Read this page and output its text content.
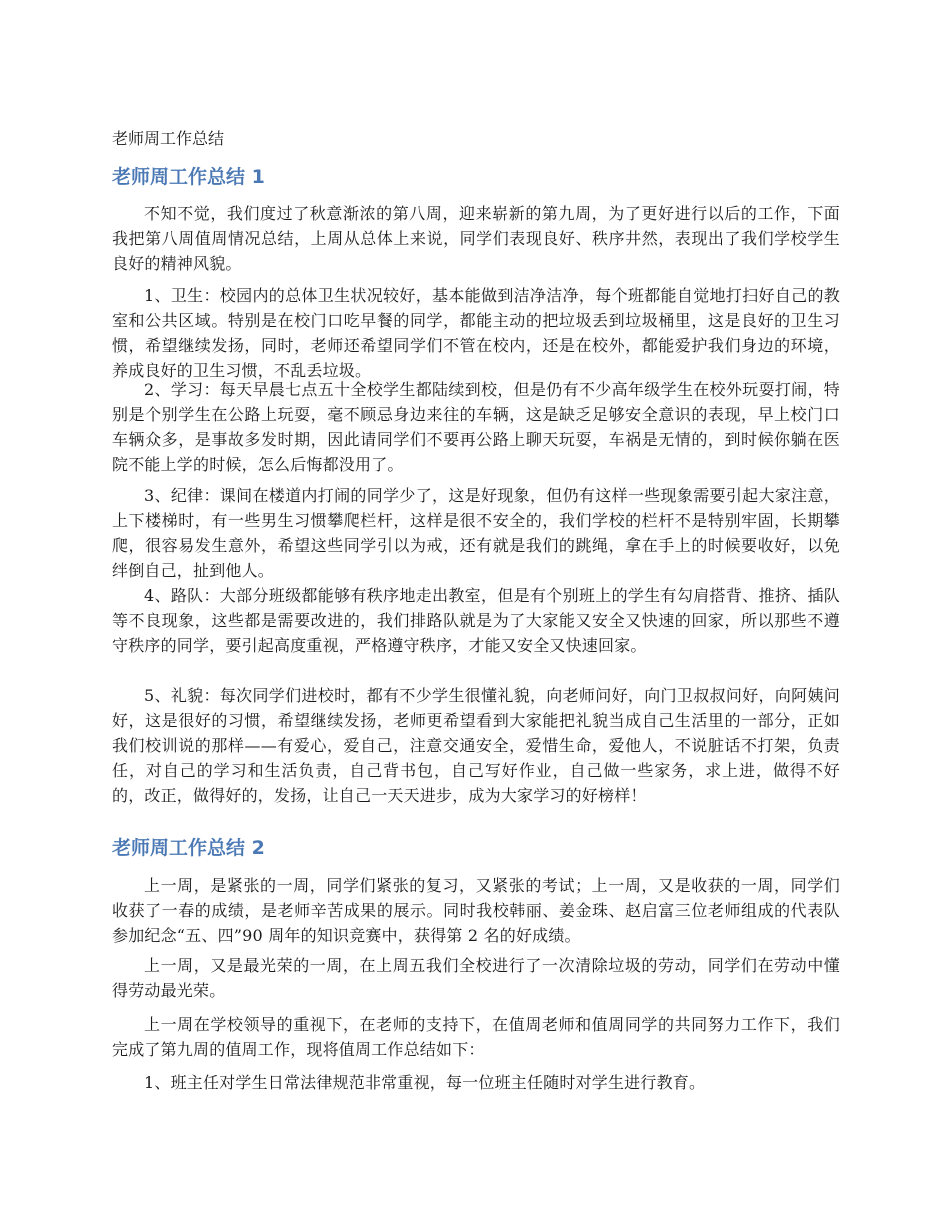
老师周工作总结
老师周工作总结 1

不知不觉，我们度过了秋意渐浓的第八周，迎来崭新的第九周，为了更好进行以后的工作，下面我把第八周值周情况总结，上周从总体上来说，同学们表现良好、秩序井然，表现出了我们学校学生良好的精神风貌。

1、卫生：校园内的总体卫生状况较好，基本能做到洁净洁净，每个班都能自觉地打扫好自己的教室和公共区域。特别是在校门口吃早餐的同学，都能主动的把垃圾丢到垃圾桶里，这是良好的卫生习惯，希望继续发扬，同时，老师还希望同学们不管在校内，还是在校外，都能爱护我们身边的环境，养成良好的卫生习惯，不乱丢垃圾。

2、学习：每天早晨七点五十全校学生都陆续到校，但是仍有不少高年级学生在校外玩耍打闹，特别是个别学生在公路上玩耍，毫不顾忌身边来往的车辆，这是缺乏足够安全意识的表现，早上校门口车辆众多，是事故多发时期，因此请同学们不要再公路上聊天玩耍，车祸是无情的，到时候你躺在医院不能上学的时候，怎么后悔都没用了。

3、纪律：课间在楼道内打闹的同学少了，这是好现象，但仍有这样一些现象需要引起大家注意，上下楼梯时，有一些男生习惯攀爬栏杆，这样是很不安全的，我们学校的栏杆不是特别牢固，长期攀爬，很容易发生意外，希望这些同学引以为戒，还有就是我们的跳绳，拿在手上的时候要收好，以免绊倒自己，扯到他人。

4、路队：大部分班级都能够有秩序地走出教室，但是有个别班上的学生有勾肩搭背、推挤、插队等不良现象，这些都是需要改进的，我们排路队就是为了大家能又安全又快速的回家，所以那些不遵守秩序的同学，要引起高度重视，严格遵守秩序，才能又安全又快速回家。

5、礼貌：每次同学们进校时，都有不少学生很懂礼貌，向老师问好，向门卫叔叔问好，向阿姨问好，这是很好的习惯，希望继续发扬，老师更希望看到大家能把礼貌当成自己生活里的一部分，正如我们校训说的那样——有爱心，爱自己，注意交通安全，爱惜生命，爱他人，不说脏话不打架，负责任，对自己的学习和生活负责，自己背书包，自己写好作业，自己做一些家务，求上进，做得不好的，改正，做得好的，发扬，让自己一天天进步，成为大家学习的好榜样！

老师周工作总结 2

上一周，是紧张的一周，同学们紧张的复习，又紧张的考试；上一周，又是收获的一周，同学们收获了一春的成绩，是老师辛苦成果的展示。同时我校韩丽、姜金珠、赵启富三位老师组成的代表队参加纪念“五、四”90 周年的知识竞赛中，获得第 2 名的好成绩。

上一周，又是最光荣的一周，在上周五我们全校进行了一次清除垃圾的劳动，同学们在劳动中懂得劳动最光荣。

上一周在学校领导的重视下，在老师的支持下，在值周老师和值周同学的共同努力工作下，我们完成了第九周的值周工作，现将值周工作总结如下：

1、班主任对学生日常法律规范非常重视，每一位班主任随时对学生进行教育。
